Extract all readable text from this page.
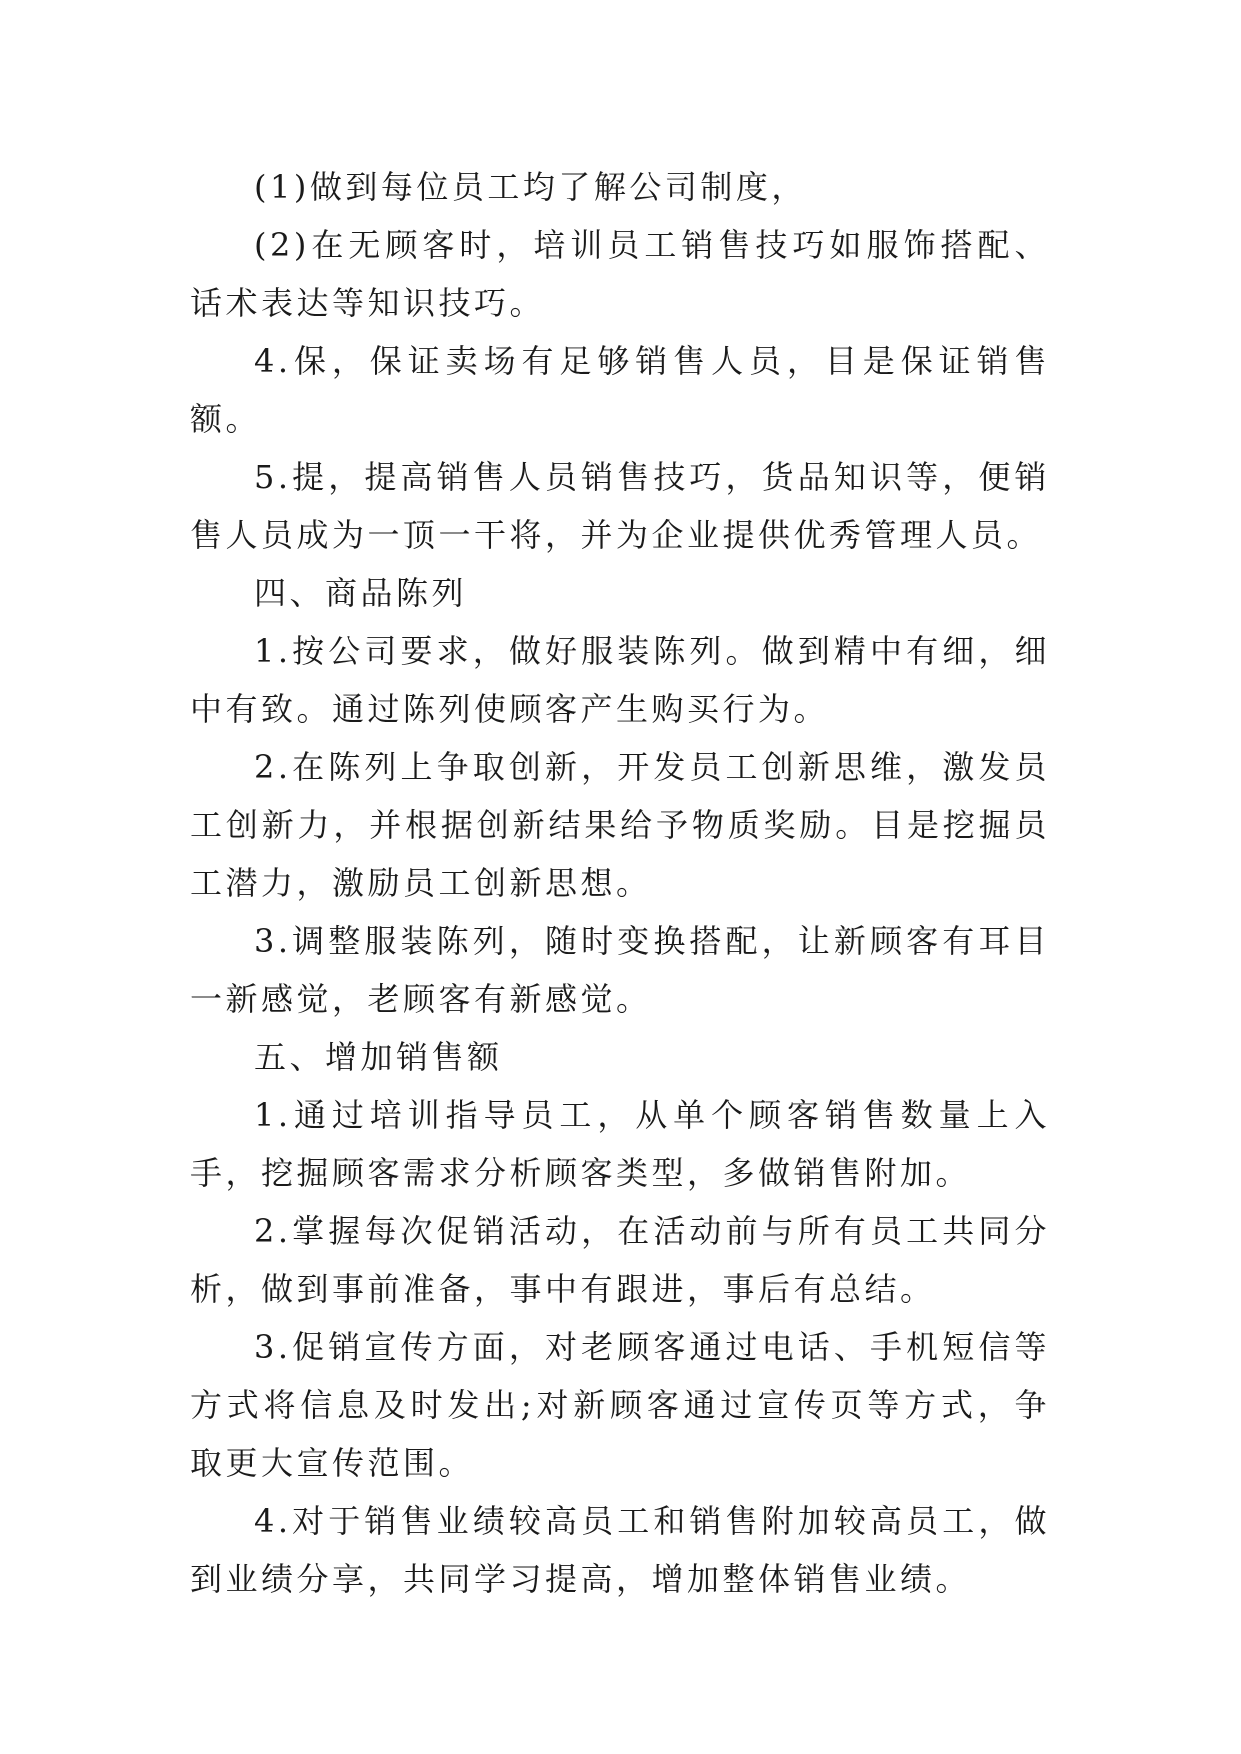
(1)做到每位员工均了解公司制度，

(2)在无顾客时，培训员工销售技巧如服饰搭配、话术表达等知识技巧。

4.保，保证卖场有足够销售人员，目是保证销售额。

5.提，提高销售人员销售技巧，货品知识等，便销售人员成为一顶一干将，并为企业提供优秀管理人员。

四、商品陈列

1.按公司要求，做好服装陈列。做到精中有细，细中有致。通过陈列使顾客产生购买行为。

2.在陈列上争取创新，开发员工创新思维，激发员工创新力，并根据创新结果给予物质奖励。目是挖掘员工潜力，激励员工创新思想。

3.调整服装陈列，随时变换搭配，让新顾客有耳目一新感觉，老顾客有新感觉。

五、增加销售额

1.通过培训指导员工，从单个顾客销售数量上入手，挖掘顾客需求分析顾客类型，多做销售附加。

2.掌握每次促销活动，在活动前与所有员工共同分析，做到事前准备，事中有跟进，事后有总结。

3.促销宣传方面，对老顾客通过电话、手机短信等方式将信息及时发出;对新顾客通过宣传页等方式，争取更大宣传范围。

4.对于销售业绩较高员工和销售附加较高员工，做到业绩分享，共同学习提高，增加整体销售业绩。
